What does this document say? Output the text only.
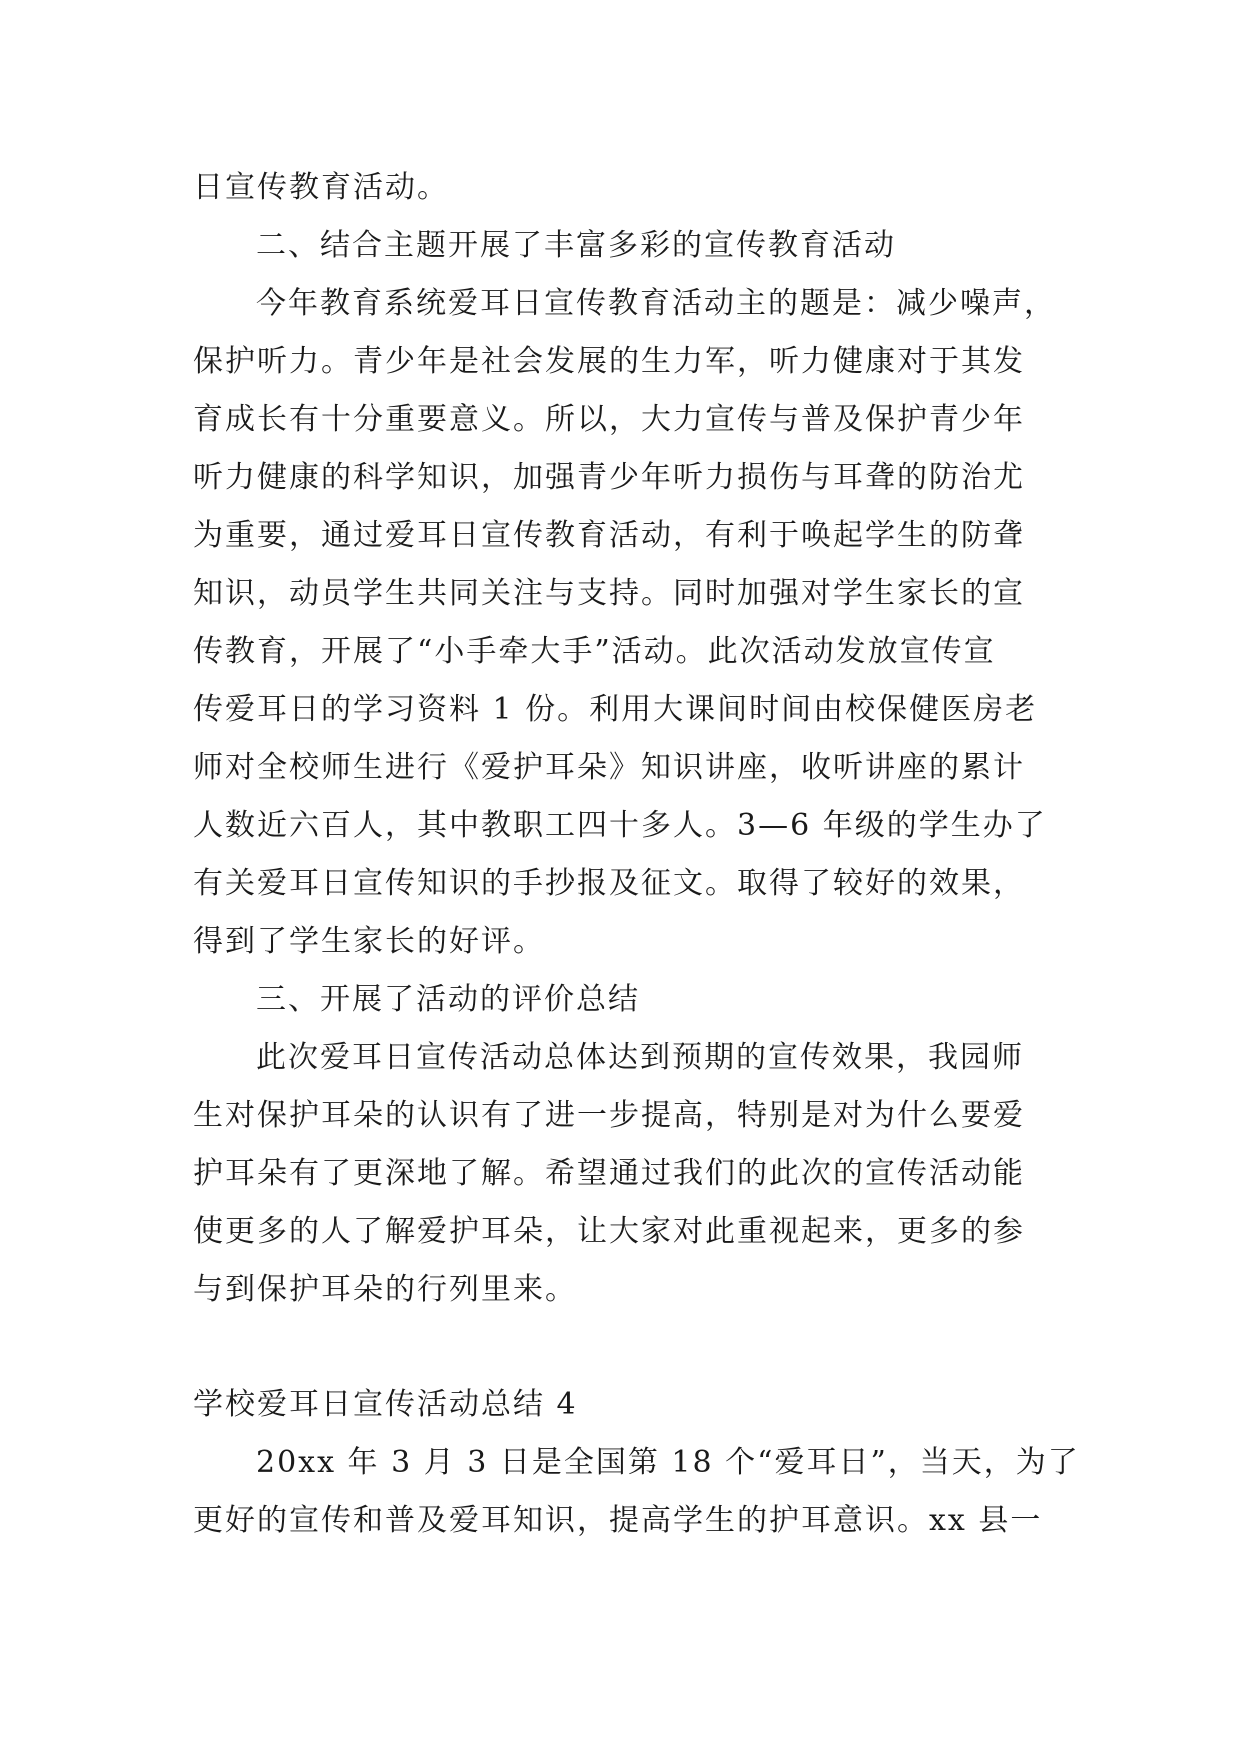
日宣传教育活动。
二、结合主题开展了丰富多彩的宣传教育活动
今年教育系统爱耳日宣传教育活动主的题是：减少噪声，
保护听力。青少年是社会发展的生力军，听力健康对于其发
育成长有十分重要意义。所以，大力宣传与普及保护青少年
听力健康的科学知识，加强青少年听力损伤与耳聋的防治尤
为重要，通过爱耳日宣传教育活动，有利于唤起学生的防聋
知识，动员学生共同关注与支持。同时加强对学生家长的宣
传教育，开展了“小手牵大手”活动。此次活动发放宣传宣
传爱耳日的学习资料 1 份。利用大课间时间由校保健医房老
师对全校师生进行《爱护耳朵》知识讲座，收听讲座的累计
人数近六百人，其中教职工四十多人。3—6 年级的学生办了
有关爱耳日宣传知识的手抄报及征文。取得了较好的效果，
得到了学生家长的好评。
三、开展了活动的评价总结
此次爱耳日宣传活动总体达到预期的宣传效果，我园师
生对保护耳朵的认识有了进一步提高，特别是对为什么要爱
护耳朵有了更深地了解。希望通过我们的此次的宣传活动能
使更多的人了解爱护耳朵，让大家对此重视起来，更多的参
与到保护耳朵的行列里来。
学校爱耳日宣传活动总结 4
20xx 年 3 月 3 日是全国第 18 个“爱耳日”，当天，为了
更好的宣传和普及爱耳知识，提高学生的护耳意识。xx 县一
